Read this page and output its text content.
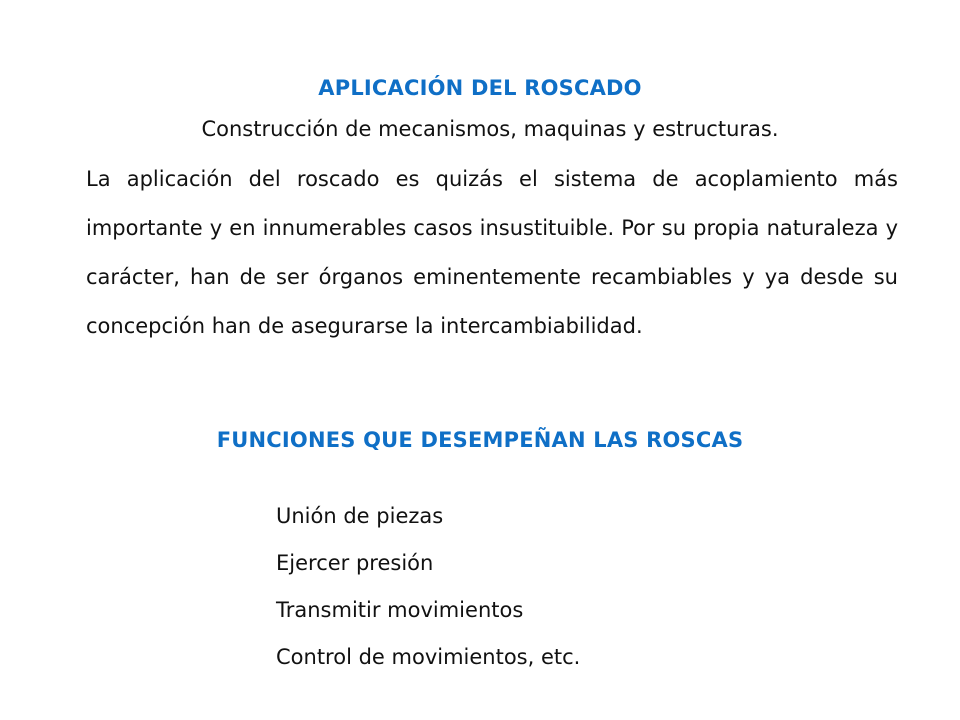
APLICACIÓN DEL ROSCADO
Construcción de mecanismos, maquinas y estructuras.

La aplicación del roscado es quizás el sistema de acoplamiento más importante y en innumerables casos insustituible. Por su propia naturaleza y carácter, han de ser órganos eminentemente recambiables y ya desde su concepción han de asegurarse la intercambiabilidad.

FUNCIONES QUE DESEMPEÑAN LAS ROSCAS
Unión de piezas
Ejercer presión
Transmitir movimientos
Control de movimientos, etc.
